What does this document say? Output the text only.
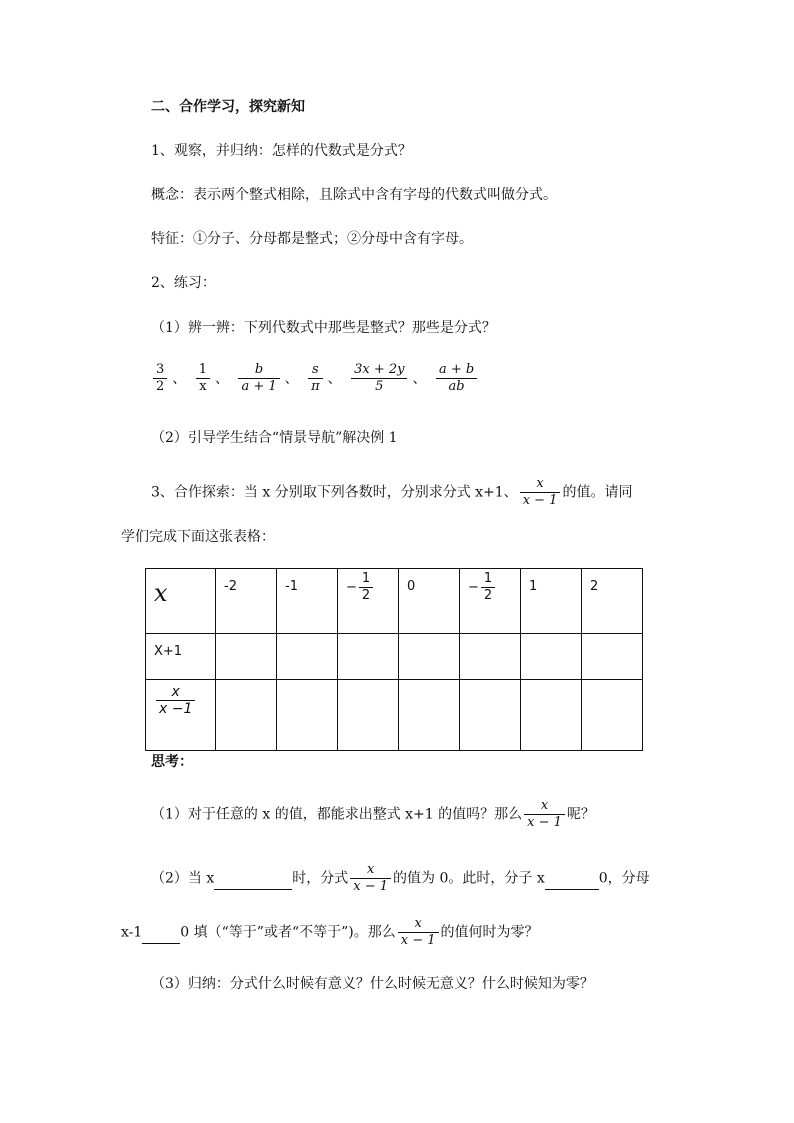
二、合作学习，探究新知
1、观察，并归纳：怎样的代数式是分式？
概念：表示两个整式相除，且除式中含有字母的代数式叫做分式。
特征：①分子、分母都是整式；②分母中含有字母。
2、练习：
（1）辨一辨：下列代数式中那些是整式？那些是分式？
$\frac{3}{2}$ 、 $\frac{1}{x}$ 、 $\frac{b}{a + 1}$ 、 $\frac{s}{\pi}$ 、 $\frac{3x + 2y}{5}$ 、 $\frac{a + b}{ab}$
（2）引导学生结合“情景导航”解决例 1
3、合作探索：当 x 分别取下列各数时，分别求分式 x+1、 $\frac{x}{x - 1}$ 的值。请同
学们完成下面这张表格：
x	-2	-1	− $\frac{1}{2}$	0	− $\frac{1}{2}$	1	2
X+1							

$\frac{x}{x -1}$

思考：
（1）对于任意的 x 的值，都能求出整式 x+1 的值吗？那么 $\frac{x}{x - 1}$ 呢？
（2）当 x	时，分式 $\frac{x}{x - 1}$ 的值为 0。此时，分子 x	0，分母
x-1	0 填（“等于”或者“不等于”)。那么 $\frac{x}{x - 1}$ 的值何时为零？
（3）归纳：分式什么时候有意义？什么时候无意义？什么时候知为零？
